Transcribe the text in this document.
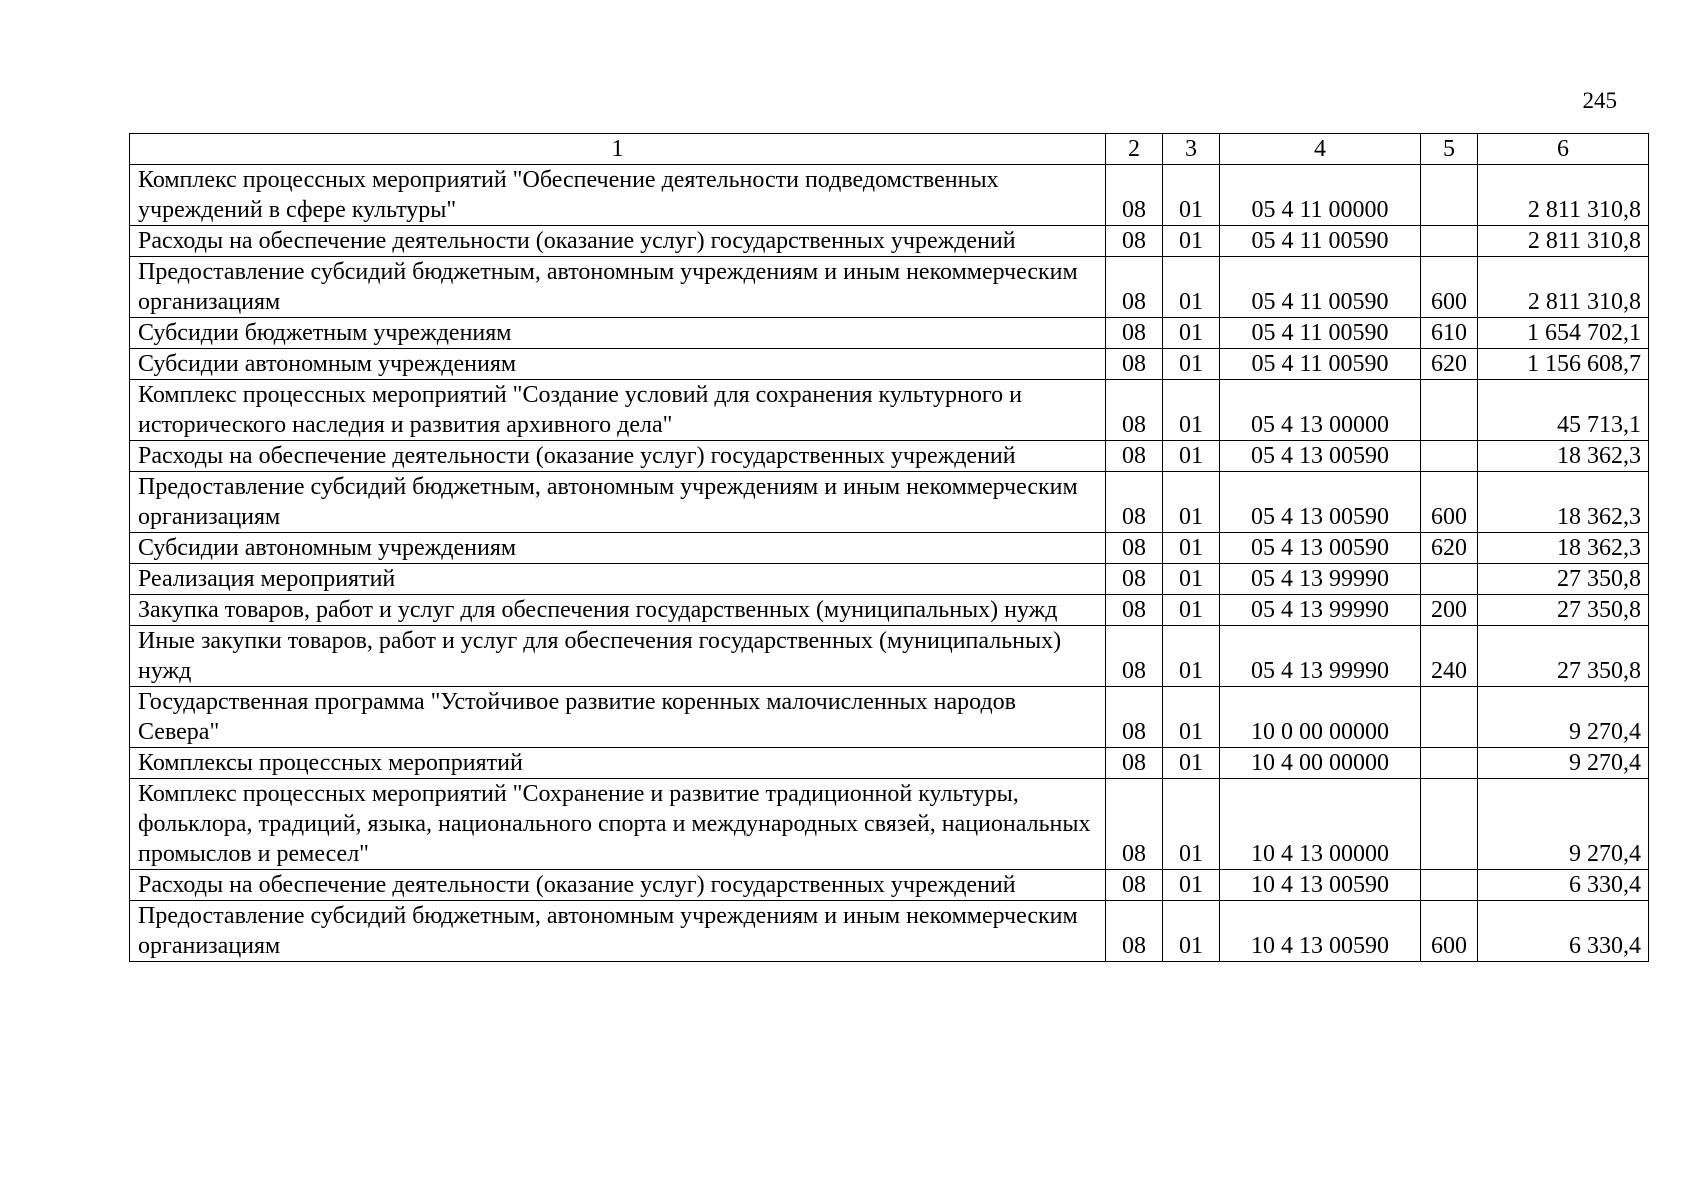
245
1	2	3	4	5	6
Комплекс процессных мероприятий "Обеспечение деятельности подведомственных учреждений в сфере культуры"	08	01	05 4 11 00000		2 811 310,8
Расходы на обеспечение деятельности (оказание услуг) государственных учреждений	08	01	05 4 11 00590		2 811 310,8
Предоставление субсидий бюджетным, автономным учреждениям и иным некоммерческим организациям	08	01	05 4 11 00590	600	2 811 310,8
Субсидии бюджетным учреждениям	08	01	05 4 11 00590	610	1 654 702,1
Субсидии автономным учреждениям	08	01	05 4 11 00590	620	1 156 608,7
Комплекс процессных мероприятий "Создание условий для сохранения культурного и исторического наследия и развития архивного дела"	08	01	05 4 13 00000		45 713,1
Расходы на обеспечение деятельности (оказание услуг) государственных учреждений	08	01	05 4 13 00590		18 362,3
Предоставление субсидий бюджетным, автономным учреждениям и иным некоммерческим организациям	08	01	05 4 13 00590	600	18 362,3
Субсидии автономным учреждениям	08	01	05 4 13 00590	620	18 362,3
Реализация мероприятий	08	01	05 4 13 99990		27 350,8
Закупка товаров, работ и услуг для обеспечения государственных (муниципальных) нужд	08	01	05 4 13 99990	200	27 350,8
Иные закупки товаров, работ и услуг для обеспечения государственных (муниципальных) нужд	08	01	05 4 13 99990	240	27 350,8
Государственная программа "Устойчивое развитие коренных малочисленных народов Севера"	08	01	10 0 00 00000		9 270,4
Комплексы процессных мероприятий	08	01	10 4 00 00000		9 270,4
Комплекс процессных мероприятий "Сохранение и развитие традиционной культуры, фольклора, традиций, языка, национального спорта и международных связей, национальных промыслов и ремесел"	08	01	10 4 13 00000		9 270,4
Расходы на обеспечение деятельности (оказание услуг) государственных учреждений	08	01	10 4 13 00590		6 330,4
Предоставление субсидий бюджетным, автономным учреждениям и иным некоммерческим организациям	08	01	10 4 13 00590	600	6 330,4
